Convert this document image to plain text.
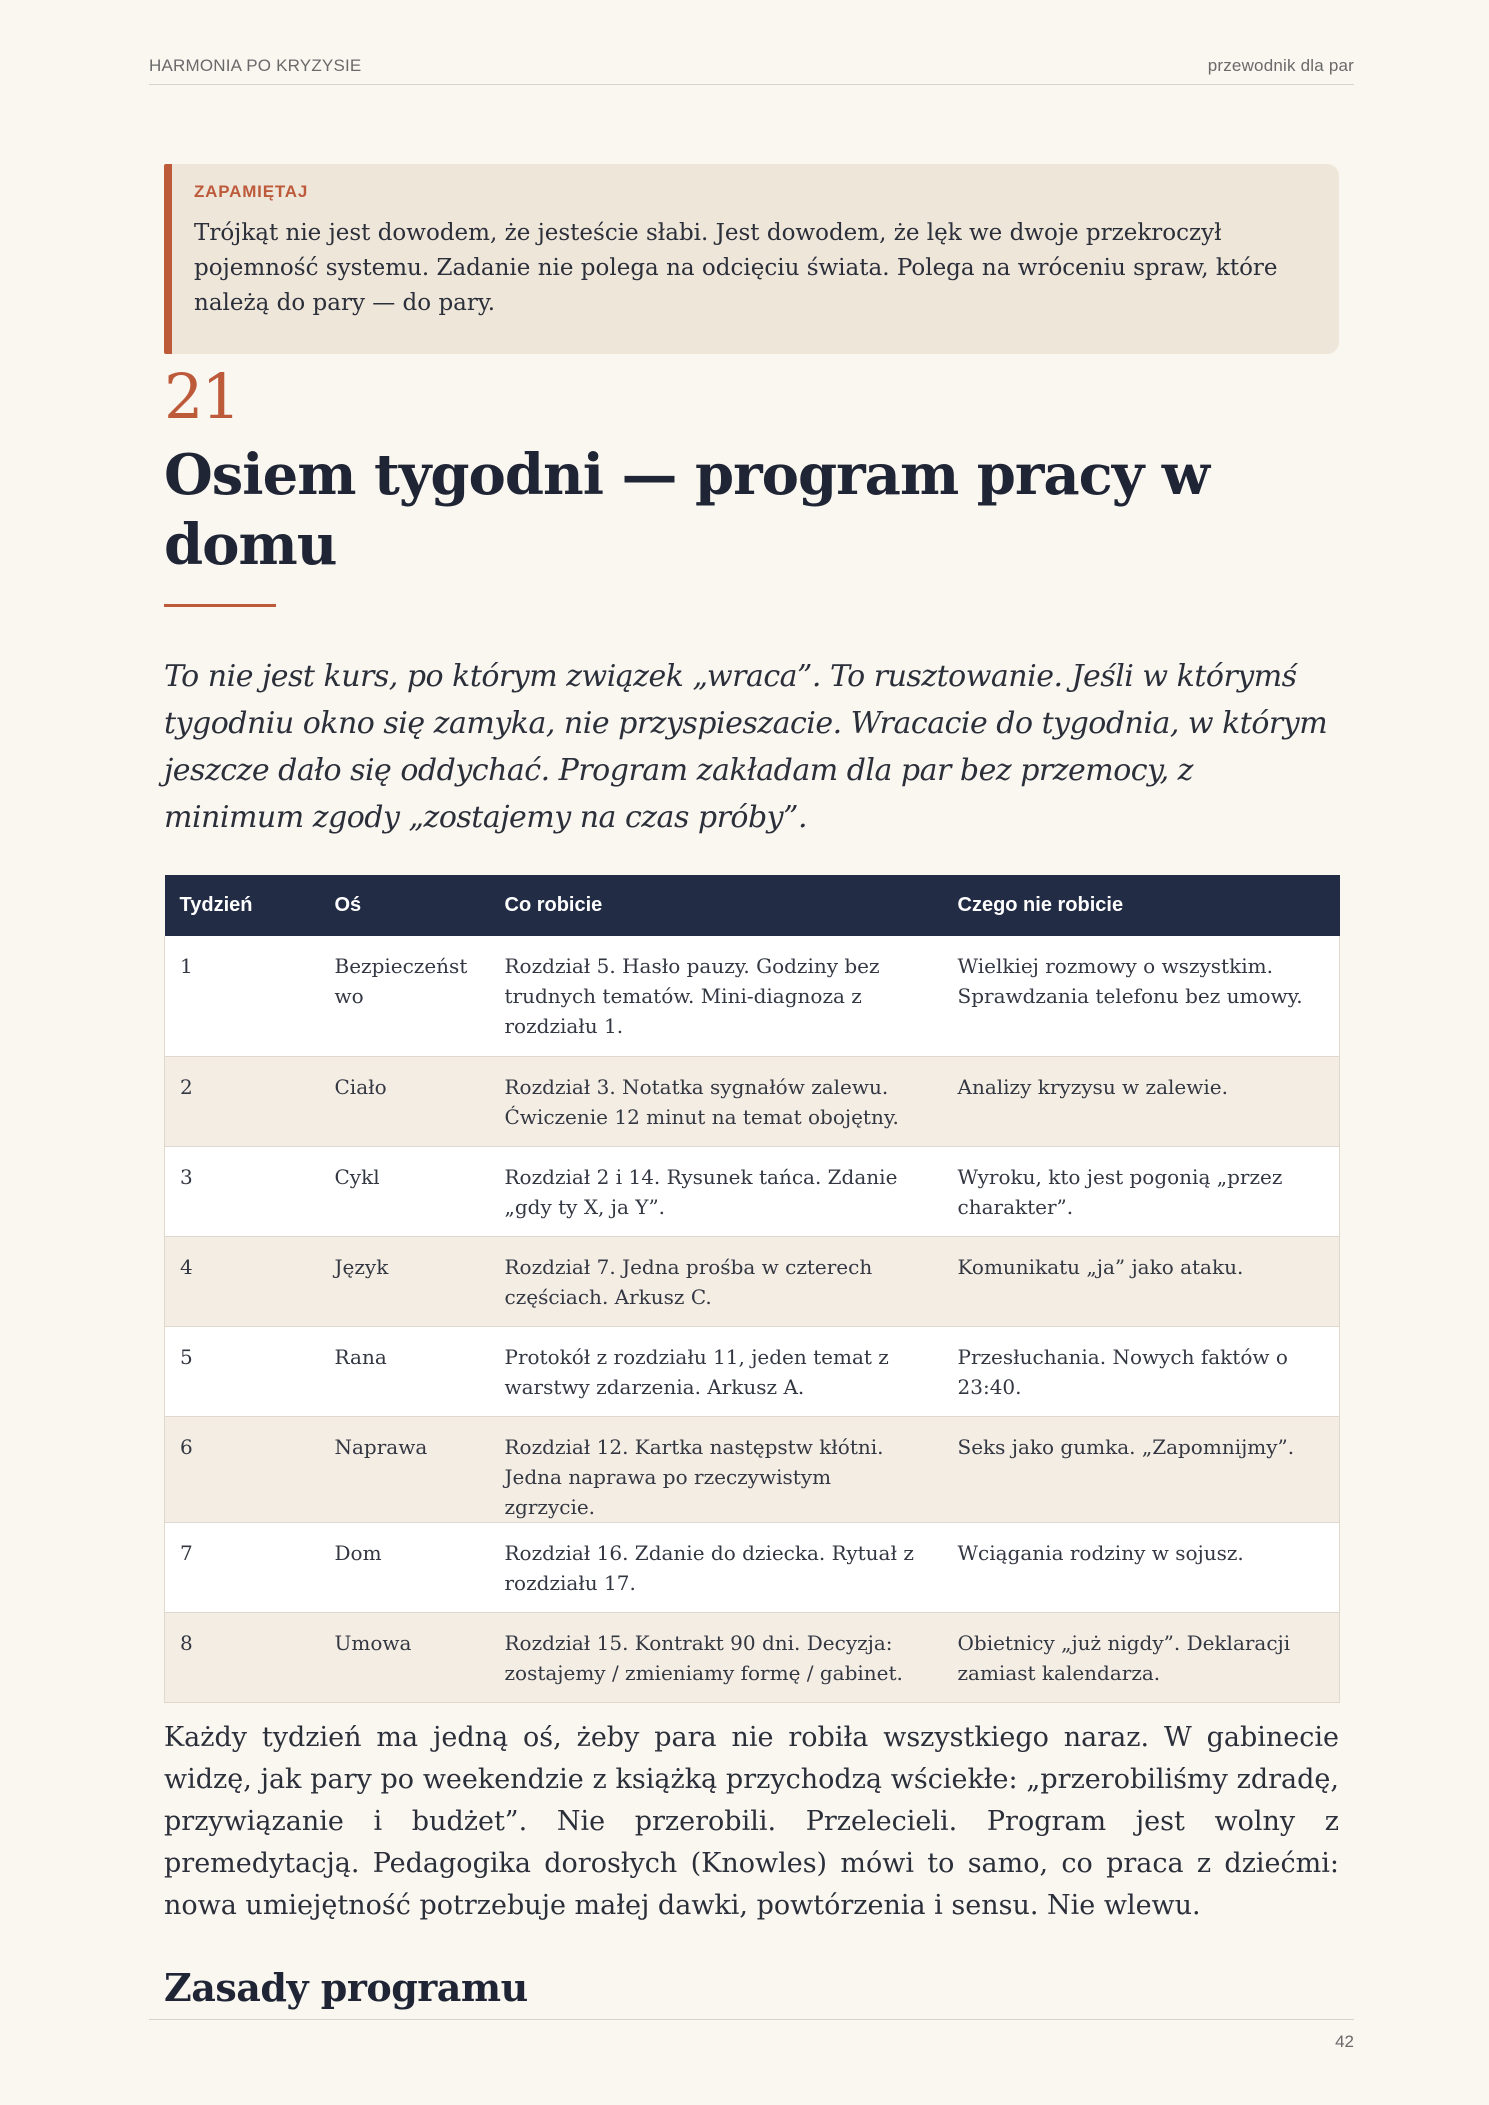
HARMONIA PO KRYZYSIE	przewodnik dla par
ZAPAMIĘTAJ
Trójkąt nie jest dowodem, że jesteście słabi. Jest dowodem, że lęk we dwoje przekroczył pojemność systemu. Zadanie nie polega na odcięciu świata. Polega na wróceniu spraw, które należą do pary — do pary.
21
Osiem tygodni — program pracy w domu

To nie jest kurs, po którym związek „wraca”. To rusztowanie. Jeśli w którymś tygodniu okno się zamyka, nie przyspieszacie. Wracacie do tygodnia, w którym jeszcze dało się oddychać. Program zakładam dla par bez przemocy, z minimum zgody „zostajemy na czas próby”.

Tydzień	Oś	Co robicie	Czego nie robicie
1	Bezpieczeństwo	Rozdział 5. Hasło pauzy. Godziny bez trudnych tematów. Mini-diagnoza z rozdziału 1.	Wielkiej rozmowy o wszystkim. Sprawdzania telefonu bez umowy.
2	Ciało	Rozdział 3. Notatka sygnałów zalewu. Ćwiczenie 12 minut na temat obojętny.	Analizy kryzysu w zalewie.
3	Cykl	Rozdział 2 i 14. Rysunek tańca. Zdanie „gdy ty X, ja Y”.	Wyroku, kto jest pogonią „przez charakter”.
4	Język	Rozdział 7. Jedna prośba w czterech częściach. Arkusz C.	Komunikatu „ja” jako ataku.
5	Rana	Protokół z rozdziału 11, jeden temat z warstwy zdarzenia. Arkusz A.	Przesłuchania. Nowych faktów o 23:40.
6	Naprawa	Rozdział 12. Kartka następstw kłótni. Jedna naprawa po rzeczywistym zgrzycie.	Seks jako gumka. „Zapomnijmy”.
7	Dom	Rozdział 16. Zdanie do dziecka. Rytuał z rozdziału 17.	Wciągania rodziny w sojusz.
8	Umowa	Rozdział 15. Kontrakt 90 dni. Decyzja: zostajemy / zmieniamy formę / gabinet.	Obietnicy „już nigdy”. Deklaracji zamiast kalendarza.

Każdy tydzień ma jedną oś, żeby para nie robiła wszystkiego naraz. W gabinecie widzę, jak pary po weekendzie z książką przychodzą wściekłe: „przerobiliśmy zdradę, przywiązanie i budżet”. Nie przerobili. Przelecieli. Program jest wolny z premedytacją. Pedagogika dorosłych (Knowles) mówi to samo, co praca z dziećmi: nowa umiejętność potrzebuje małej dawki, powtórzenia i sensu. Nie wlewu.

Zasady programu
42
